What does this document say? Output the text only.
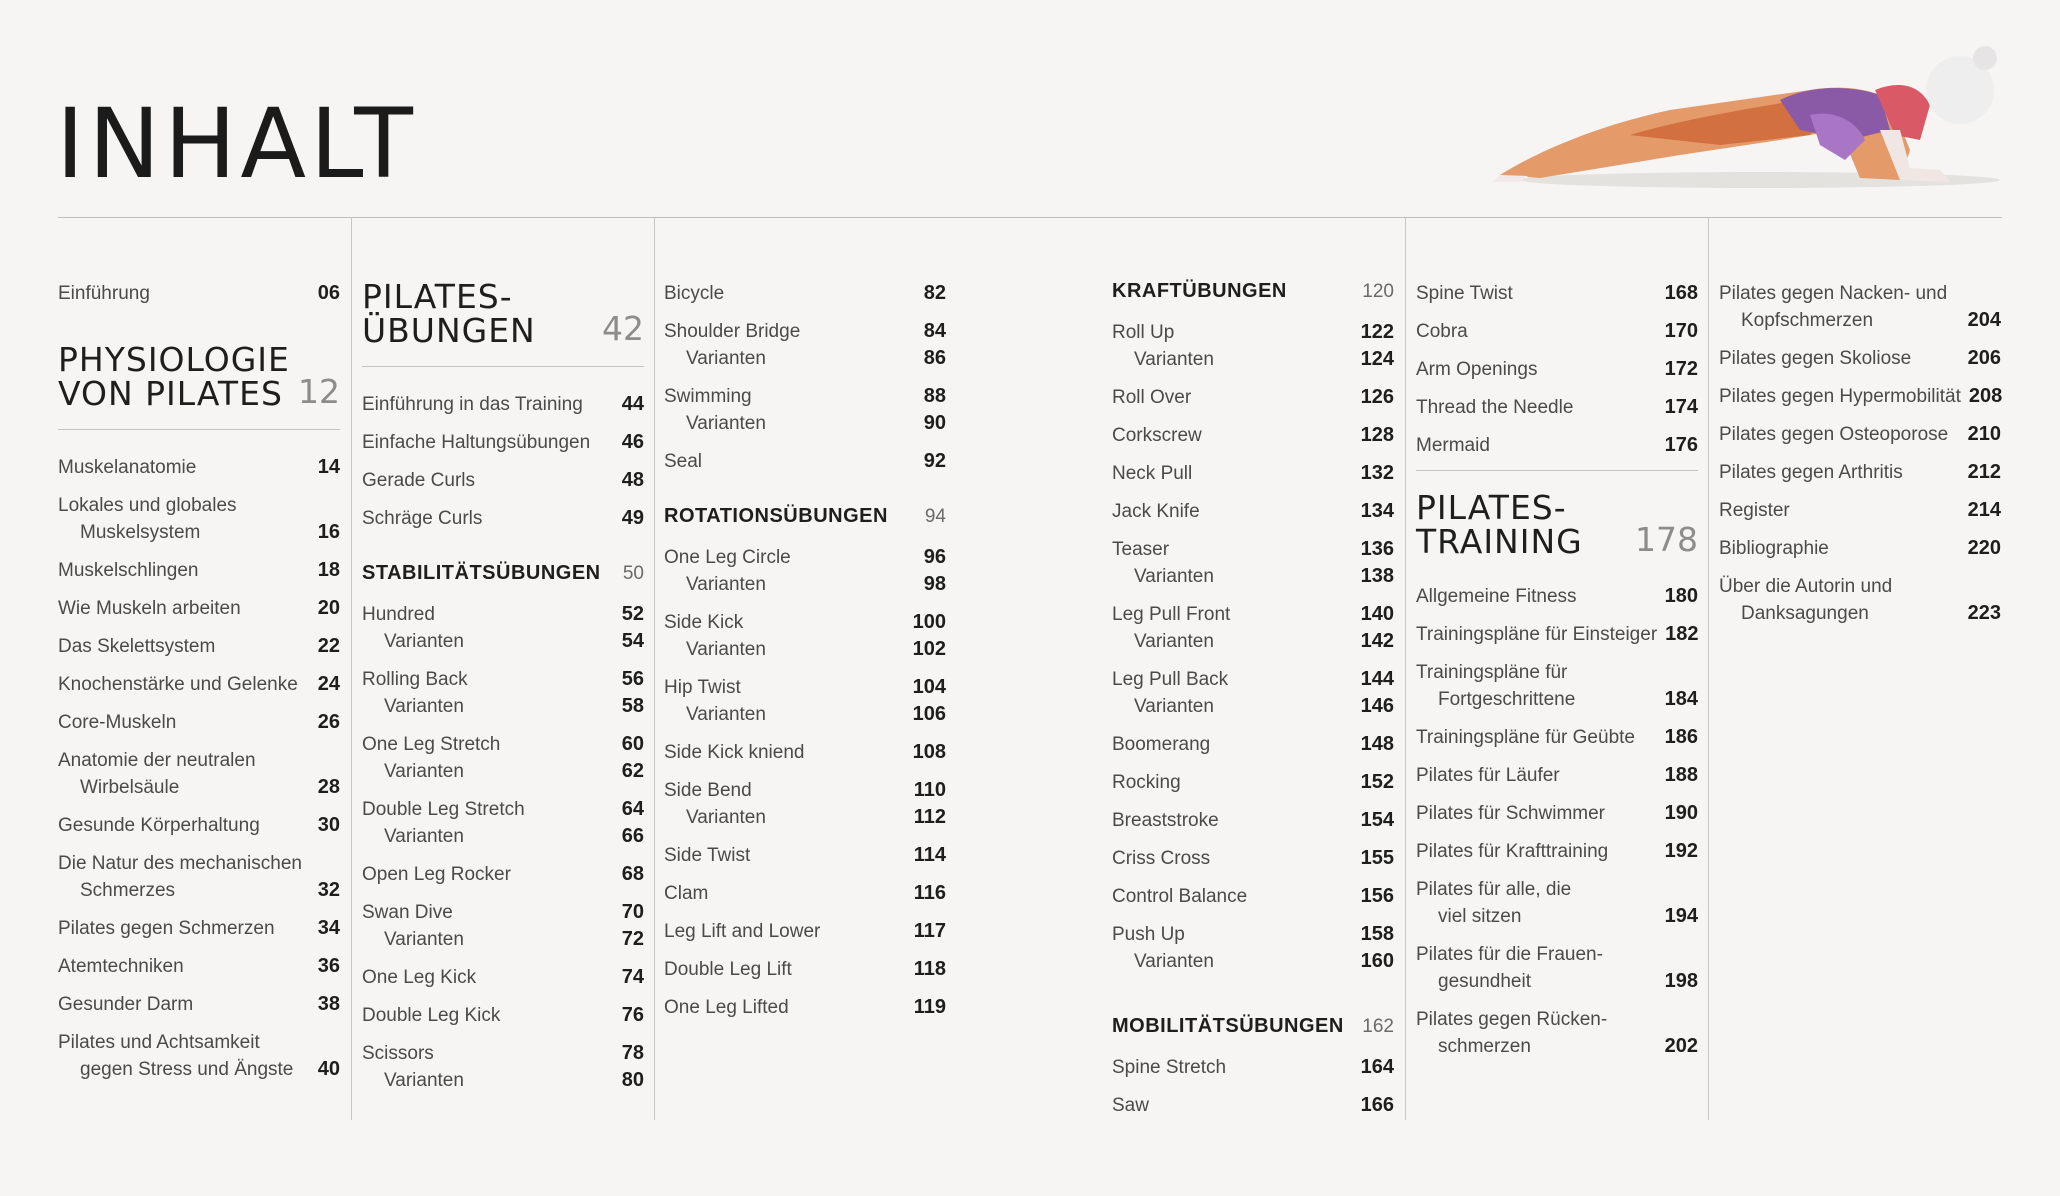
INHALT
Einführung	06
PHYSIOLOGIE
VON PILATES 12
Muskelanatomie	14
Lokales und globales

Muskelsystem	16
Muskelschlingen	18
Wie Muskeln arbeiten	20
Das Skelettsystem	22
Knochenstärke und Gelenke 24
Core-Muskeln	26
Anatomie der neutralen

Wirbelsäule	28
Gesunde Körperhaltung	30
Die Natur des mechanischen

Schmerzes	32
Pilates gegen Schmerzen	34
Atemtechniken	36
Gesunder Darm	38
Pilates und Achtsamkeit

gegen Stress und Ängste	40
PILATES-
ÜBUNGEN 42
Einführung in das Training	44
Einfache Haltungsübungen	46
Gerade Curls	48
Schräge Curls	49
STABILITÄTSÜBUNGEN 50
Hundred	52
Varianten	54
Rolling Back	56
Varianten	58
One Leg Stretch	60
Varianten	62
Double Leg Stretch	64
Varianten	66
Open Leg Rocker	68
Swan Dive	70
Varianten	72
One Leg Kick	74
Double Leg Kick	76
Scissors	78
Varianten	80
Bicycle	82
Shoulder Bridge	84
Varianten	86
Swimming	88
Varianten	90
Seal	92
ROTATIONSÜBUNGEN 94
One Leg Circle	96
Varianten	98
Side Kick	100
Varianten	102
Hip Twist	104
Varianten	106
Side Kick kniend	108
Side Bend	110
Varianten	112
Side Twist	114
Clam	116
Leg Lift and Lower	117
Double Leg Lift	118
One Leg Lifted	119
KRAFTÜBUNGEN	120
Roll Up	122
Varianten	124
Roll Over	126
Corkscrew	128
Neck Pull	132
Jack Knife	134
Teaser	136
Varianten	138
Leg Pull Front	140
Varianten	142
Leg Pull Back	144
Varianten	146
Boomerang	148
Rocking	152
Breaststroke	154
Criss Cross	155
Control Balance	156
Push Up	158
Varianten	160
MOBILITÄTSÜBUNGEN 162
Spine Stretch	164
Saw	166
Spine Twist	168
Cobra	170
Arm Openings	172
Thread the Needle	174
Mermaid	176
PILATES-
TRAINING 178
Allgemeine Fitness	180
Trainingspläne für Einsteiger 182
Trainingspläne für

Fortgeschrittene	184
Trainingspläne für Geübte	186
Pilates für Läufer	188
Pilates für Schwimmer	190
Pilates für Krafttraining	192
Pilates für alle, die

viel sitzen	194
Pilates für die Frauen-

gesundheit	198
Pilates gegen Rücken-

schmerzen	202
Pilates gegen Nacken- und

Kopfschmerzen	204
Pilates gegen Skoliose	206
Pilates gegen Hypermobilität 208
Pilates gegen Osteoporose 210
Pilates gegen Arthritis	212
Register	214
Bibliographie	220
Über die Autorin und

Danksagungen	223
